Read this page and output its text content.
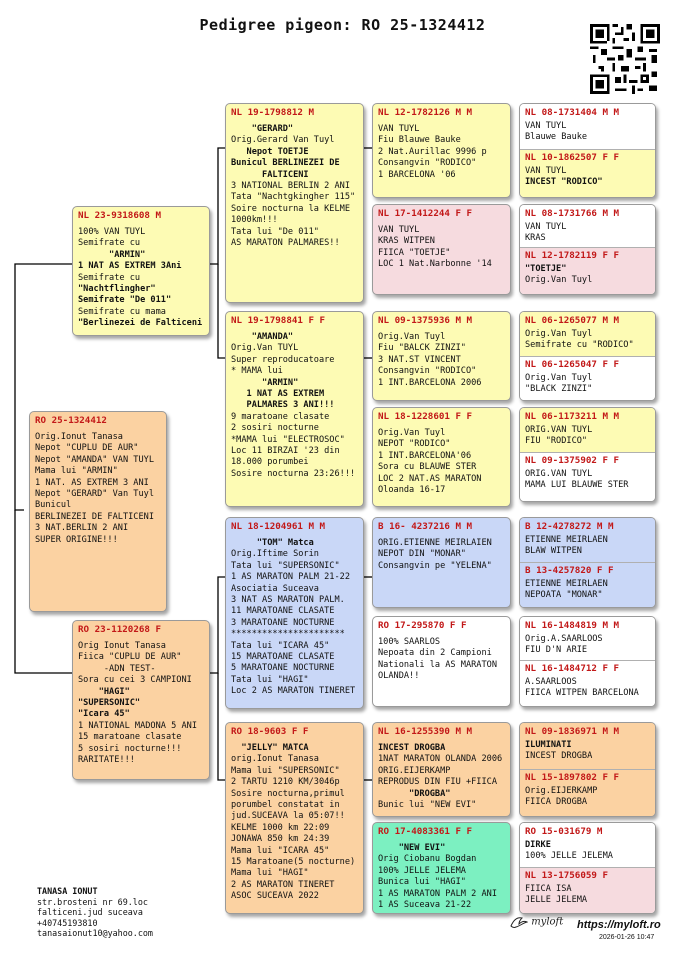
Pedigree pigeon: RO 25-1324412
RO 25-1324412
Orig.Ionut Tanasa
Nepot "CUPLU DE AUR"
Nepot "AMANDA" VAN TUYL
Mama lui "ARMIN"
1 NAT. AS EXTREM 3 ANI
Nepot "GERARD" Van Tuyl
Bunicul
BERLINEZEI DE FALTICENI
3 NAT.BERLIN 2 ANI
SUPER ORIGINE!!!
NL 23-9318608 M
100% VAN TUYL
Semifrate cu
"ARMIN"
1 NAT AS EXTREM 3Ani
Semifrate cu
"Nachtflingher"
Semifrate "De 011"
Semifrate cu mama
"Berlinezei de Falticeni
RO 23-1120268 F
Orig Ionut Tanasa
Fiica "CUPLU DE AUR"
-ADN TEST-
Sora cu cei 3 CAMPIONI
"HAGI"
"SUPERSONIC"
"Icara 45"
1 NATIONAL MADONA 5 ANI
15 maratoane clasate
5 sosiri nocturne!!!
RARITATE!!!
NL 19-1798812 M
"GERARD"
Orig.Gerard Van Tuyl
Nepot TOETJE
Bunicul BERLINEZEI DE
FALTICENI
3 NATIONAL BERLIN 2 ANI
Tata "Nachtgkingher 115"
Soire nocturna la KELME
1000km!!!
Tata lui "De 011"
AS MARATON PALMARES!!
NL 19-1798841 F F
"AMANDA"
Orig.Van TUYL
Super reproducatoare
* MAMA lui
"ARMIN"
1 NAT AS EXTREM
PALMARES 3 ANI!!!
9 maratoane clasate
2 sosiri nocturne
*MAMA lui "ELECTROSOC"
Loc 11 BIRZAI '23 din
18.000 porumbei
Sosire nocturna 23:26!!!
NL 18-1204961 M M
"TOM" Matca
Orig.Iftime Sorin
Tata lui "SUPERSONIC"
1 AS MARATON PALM 21-22
Asociatia Suceava
3 NAT AS MARATON PALM.
11 MARATOANE CLASATE
3 MARATOANE NOCTURNE
**********************
Tata lui "ICARA 45"
15 MARATOANE CLASATE
5 MARATOANE NOCTURNE
Tata lui "HAGI"
Loc 2 AS MARATON TINERET
RO 18-9603 F F
"JELLY" MATCA
orig.Ionut Tanasa
Mama lui "SUPERSONIC"
2 TARTU 1210 KM/3046p
Sosire nocturna,primul
porumbel constatat in
jud.SUCEAVA la 05:07!!
KELME 1000 km 22:09
JONAWA 850 km 24:39
Mama lui "ICARA 45"
15 Maratoane(5 nocturne)
Mama lui "HAGI"
2 AS MARATON TINERET
ASOC SUCEAVA 2022
NL 12-1782126 M M
VAN TUYL
Fiu Blauwe Bauke
2 Nat.Aurillac 9996 p
Consangvin "RODICO"
1 BARCELONA '06
NL 17-1412244 F F
VAN TUYL
KRAS WITPEN
FIICA "TOETJE"
LOC 1 Nat.Narbonne '14
NL 09-1375936 M M
Orig.Van Tuyl
Fiu "BALCK ZINZI"
3 NAT.ST VINCENT
Consangvin "RODICO"
1 INT.BARCELONA 2006
NL 18-1228601 F F
Orig.Van Tuyl
NEPOT "RODICO"
1 INT.BARCELONA'06
Sora cu BLAUWE STER
LOC 2 NAT.AS MARATON
Oloanda 16-17
B 16- 4237216 M M
ORIG.ETIENNE MEIRLAIEN
NEPOT DIN "MONAR"
Consangvin pe "YELENA"
RO 17-295870 F F
100% SAARLOS
Nepoata din 2 Campioni
Nationali la AS MARATON
OLANDA!!
NL 16-1255390 M M
INCEST DROGBA
1NAT MARATON OLANDA 2006
ORIG.EIJERKAMP
REPRODUS DIN FIU +FIICA
"DROGBA"
Bunic lui "NEW EVI"
RO 17-4083361 F F
"NEW EVI"
Orig Ciobanu Bogdan
100% JELLE JELEMA
Bunica lui "HAGI"
1 AS MARATON PALM 2 ANI
1 AS Suceava 21-22
NL 08-1731404 M M
VAN TUYL
Blauwe Bauke
NL 10-1862507 F F
VAN TUYL
INCEST "RODICO"
NL 08-1731766 M M
VAN TUYL
KRAS
NL 12-1782119 F F
"TOETJE"
Orig.Van Tuyl
NL 06-1265077 M M
Orig.Van Tuyl
Semifrate cu "RODICO"
NL 06-1265047 F F
Orig.Van Tuyl
"BLACK ZINZI"
NL 06-1173211 M M
ORIG.VAN TUYL
FIU "RODICO"
NL 09-1375902 F F
ORIG.VAN TUYL
MAMA LUI BLAUWE STER
B 12-4278272 M M
ETIENNE MEIRLAEN
BLAW WITPEN
B 13-4257820 F F
ETIENNE MEIRLAEN
NEPOATA "MONAR"
NL 16-1484819 M M
Orig.A.SAARLOOS
FIU D'N ARIE
NL 16-1484712 F F
A.SAARLOOS
FIICA WITPEN BARCELONA
NL 09-1836971 M M
ILUMINATI
INCEST DROGBA
NL 15-1897802 F F
Orig.EIJERKAMP
FIICA DROGBA
RO 15-031679 M
DIRKE
100% JELLE JELEMA
NL 13-1756059 F
FIICA ISA
JELLE JELEMA
TANASA IONUT
str.brosteni nr 69.loc
falticeni.jud suceava
+40745193810
tanasaionut10@yahoo.com
myloft https://myloft.ro
2026-01-26 10:47
